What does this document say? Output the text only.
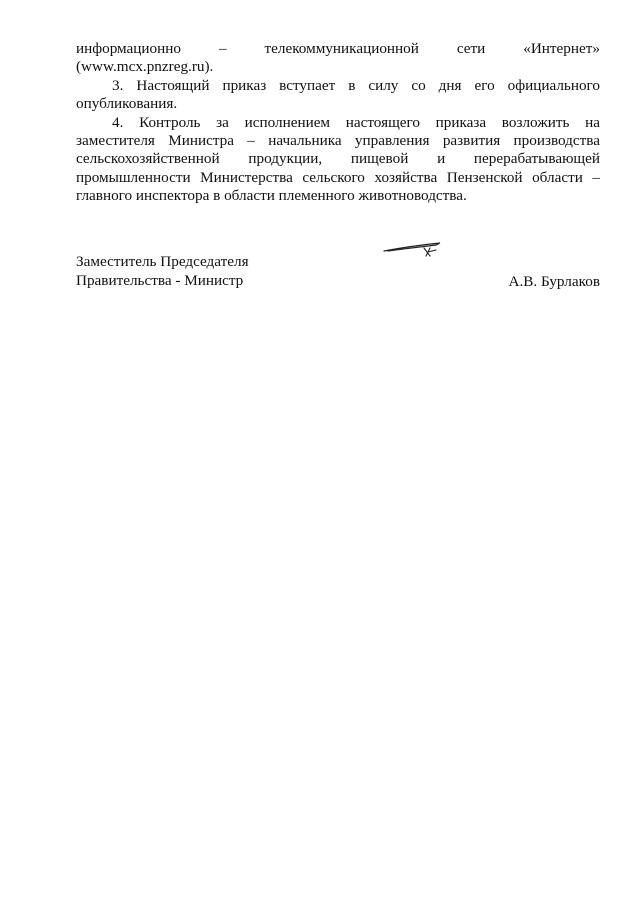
информационно – телекоммуникационной сети «Интернет»
(www.mcx.pnzreg.ru).

3. Настоящий приказ вступает в силу со дня его официального
опубликования.

4. Контроль за исполнением настоящего приказа возложить на
заместителя Министра – начальника управления развития производства
сельскохозяйственной продукции, пищевой и перерабатывающей
промышленности Министерства сельского хозяйства Пензенской области –
главного инспектора в области племенного животноводства.

Заместитель Председателя
Правительства - Министр	А.В. Бурлаков
